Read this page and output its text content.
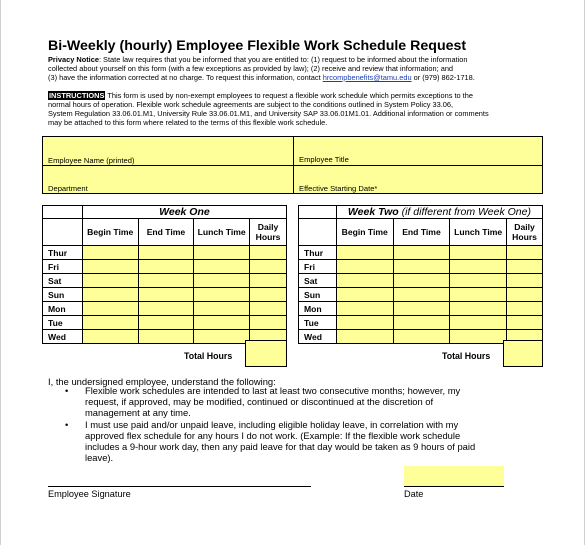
Bi-Weekly (hourly) Employee Flexible Work Schedule Request
Privacy Notice: State law requires that you be informed that you are entitled to: (1) request to be informed about the information
collected about yourself on this form (with a few exceptions as provided by law); (2) receive and review that information; and
(3) have the information corrected at no charge. To request this information, contact hrcompbenefits@tamu.edu or (979) 862-1718.
INSTRUCTIONS This form is used by non-exempt employees to request a flexible work schedule which permits exceptions to the
normal hours of operation. Flexible work schedule agreements are subject to the conditions outlined in System Policy 33.06,
System Regulation 33.06.01.M1, University Rule 33.06.01.M1, and University SAP 33.06.01M1.01. Additional information or comments
may be attached to this form where related to the terms of this flexible work schedule.
Employee Name (printed)	Employee Title
Department	Effective Starting Date*
	Week One			
	Begin Time	End Time	Lunch Time	Daily Hours
Thur				
Fri				
Sat				
Sun				
Mon				
Tue				
Wed				
Total Hours
	Week Two (if different from Week One)			
	Begin Time	End Time	Lunch Time	Daily Hours
Thur				
Fri				
Sat				
Sun				
Mon				
Tue				
Wed				
Total Hours
I, the undersigned employee, understand the following:
• Flexible work schedules are intended to last at least two consecutive months; however, my
request, if approved, may be modified, continued or discontinued at the discretion of
management at any time.
• I must use paid and/or unpaid leave, including eligible holiday leave, in correlation with my
approved flex schedule for any hours I do not work. (Example: If the flexible work schedule
includes a 9-hour work day, then any paid leave for that day would be taken as 9 hours of paid
leave).
Employee Signature	Date
